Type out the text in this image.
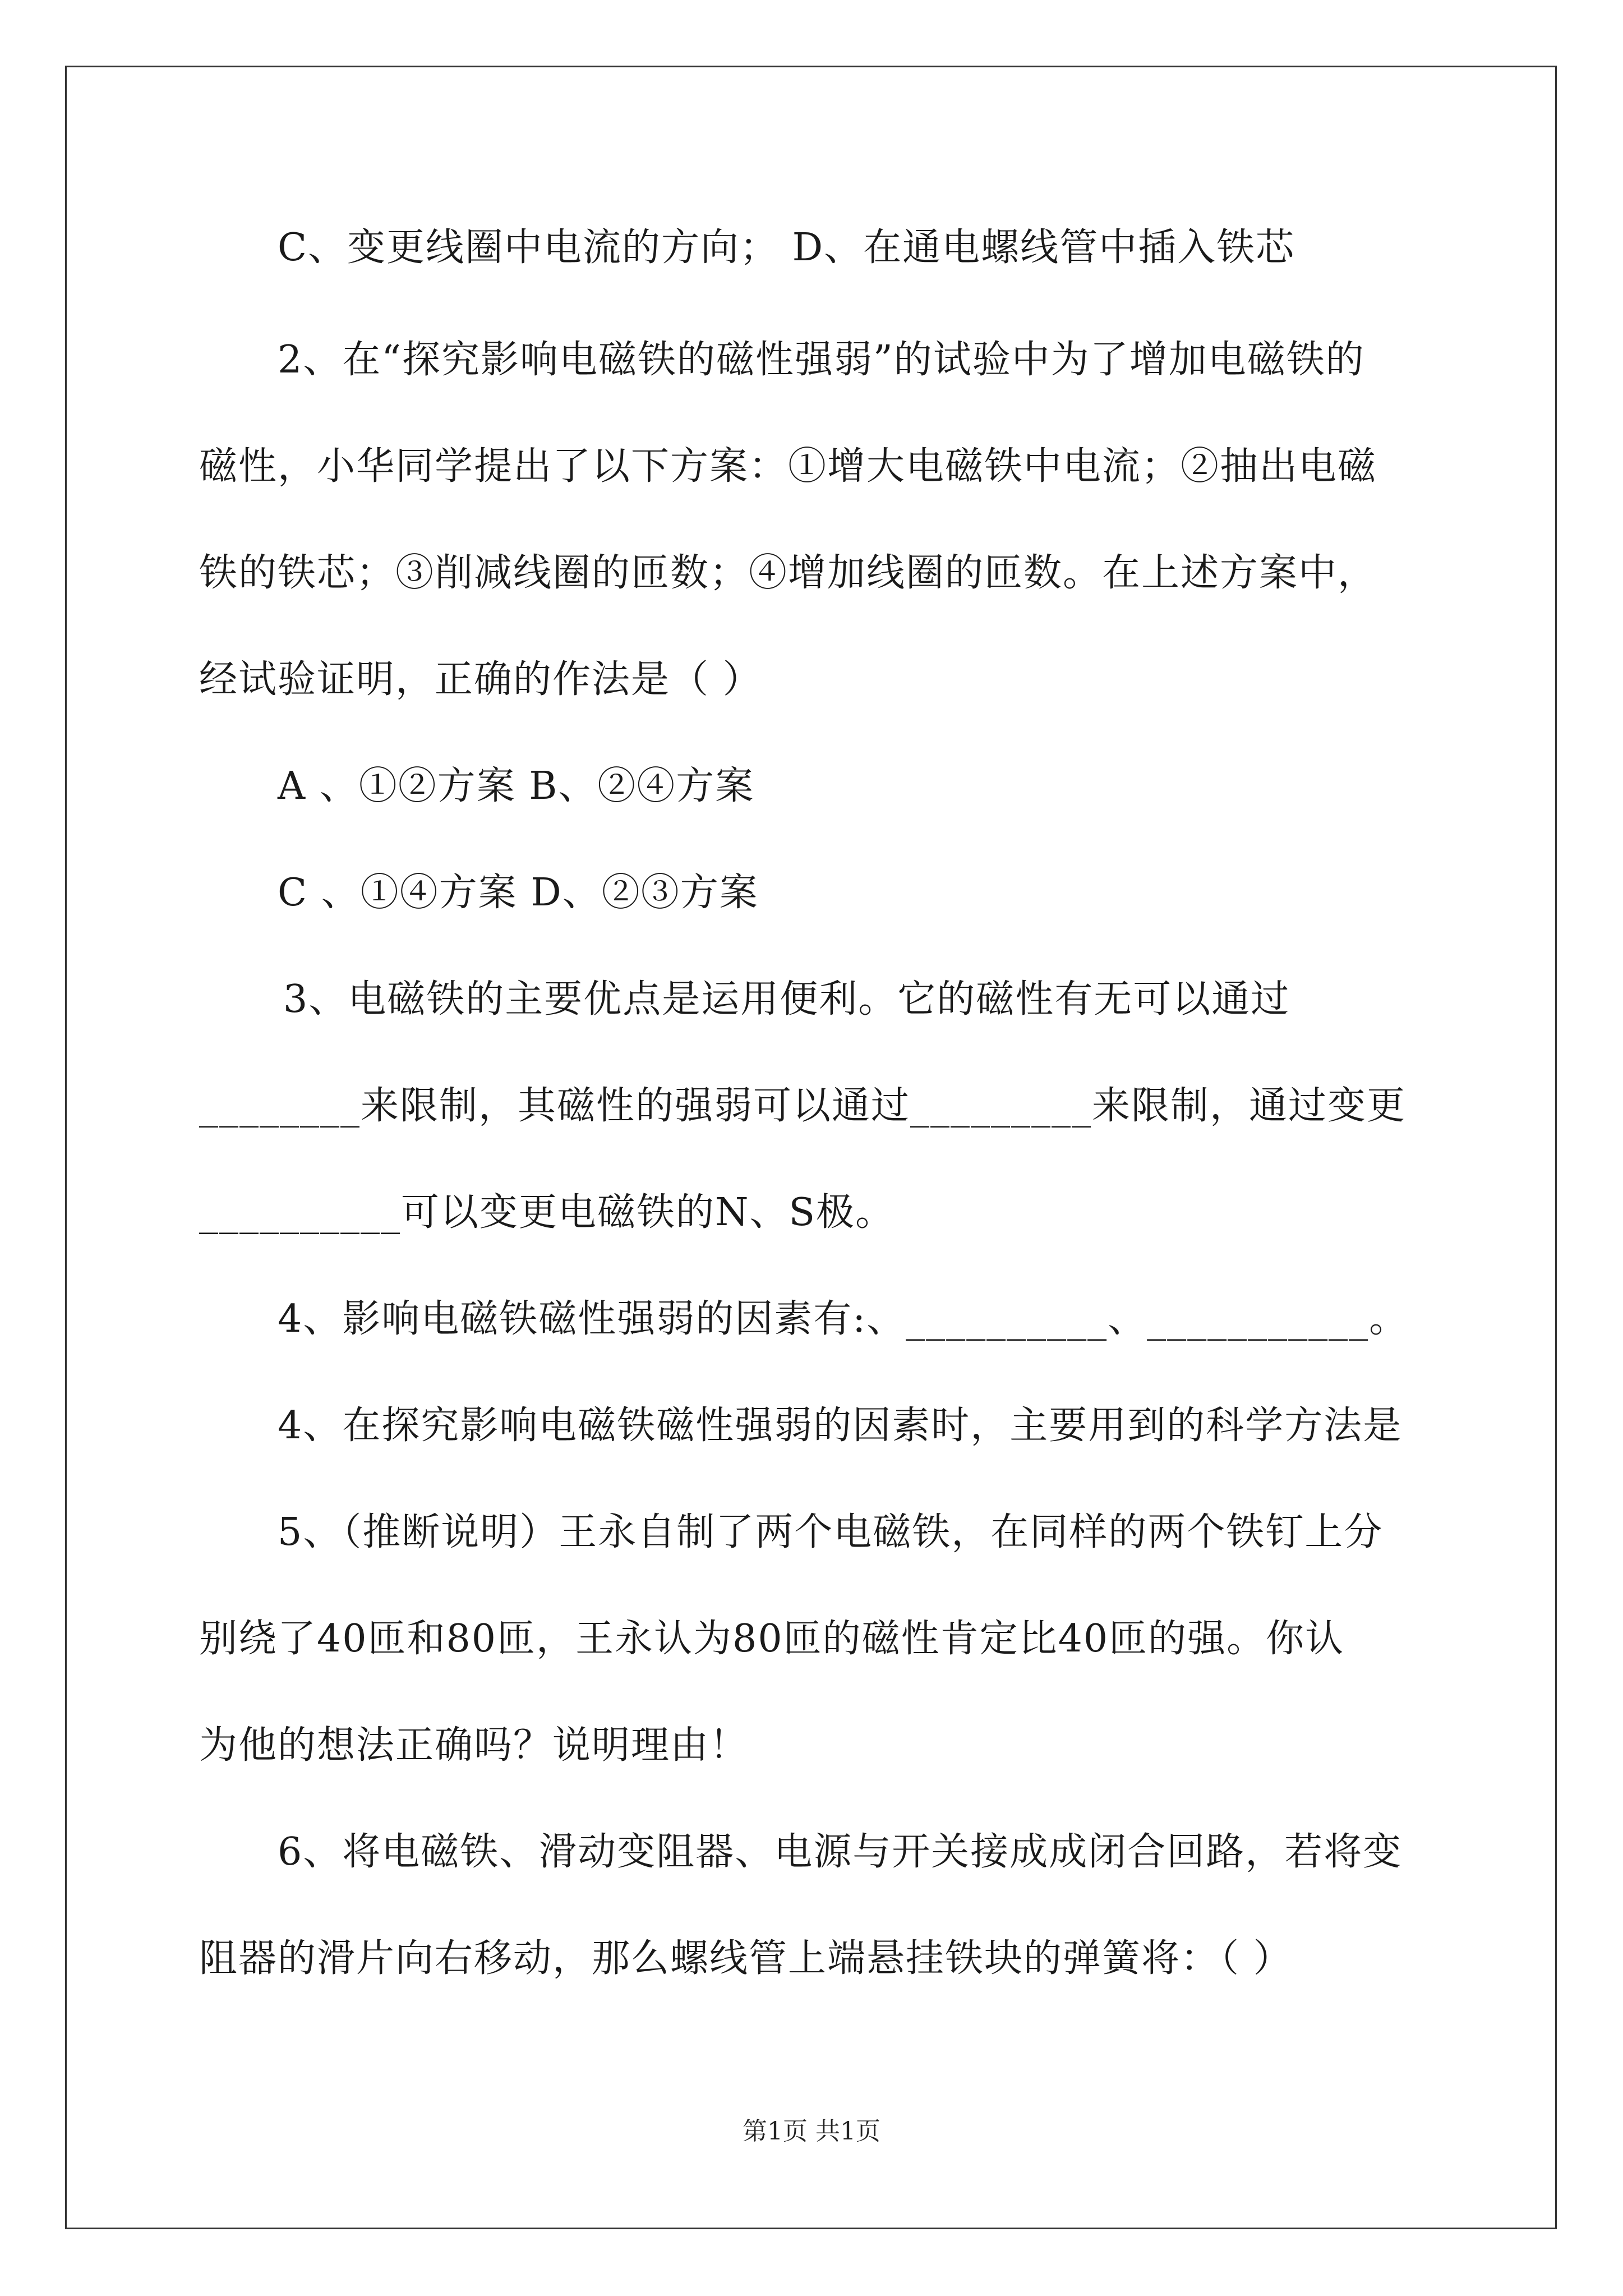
C、变更线圈中电流的方向； D、在通电螺线管中插入铁芯
2、在“探究影响电磁铁的磁性强弱”的试验中为了增加电磁铁的
磁性，小华同学提出了以下方案：①增大电磁铁中电流；②抽出电磁
铁的铁芯；③削减线圈的匝数；④增加线圈的匝数。在上述方案中，
经试验证明，正确的作法是（ ）
A 、①②方案 B、②④方案
C 、①④方案 D、②③方案
3、电磁铁的主要优点是运用便利。它的磁性有无可以通过
________来限制，其磁性的强弱可以通过_________来限制，通过变更
__________可以变更电磁铁的N、S极。
4、影响电磁铁磁性强弱的因素有:、__________、___________。
4、在探究影响电磁铁磁性强弱的因素时，主要用到的科学方法是
5、（推断说明）王永自制了两个电磁铁，在同样的两个铁钉上分
别绕了40匝和80匝，王永认为80匝的磁性肯定比40匝的强。你认
为他的想法正确吗？说明理由！
6、将电磁铁、滑动变阻器、电源与开关接成成闭合回路，若将变
阻器的滑片向右移动，那么螺线管上端悬挂铁块的弹簧将：（ ）
第1页 共1页
